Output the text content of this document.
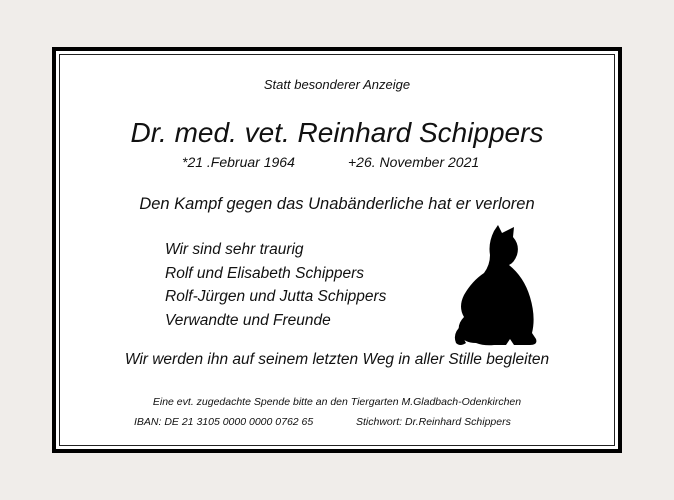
Statt besonderer Anzeige
Dr. med. vet. Reinhard Schippers
*21 .Februar 1964	+26. November 2021
Den Kampf gegen das Unabänderliche hat er verloren
Wir sind sehr traurig
Rolf und Elisabeth Schippers
Rolf-Jürgen und Jutta Schippers
Verwandte und Freunde
Wir werden ihn auf seinem letzten Weg in aller Stille begleiten
Eine evt. zugedachte Spende bitte an den Tiergarten M.Gladbach-Odenkirchen
IBAN: DE 21 3105 0000 0000 0762 65	Stichwort: Dr.Reinhard Schippers
